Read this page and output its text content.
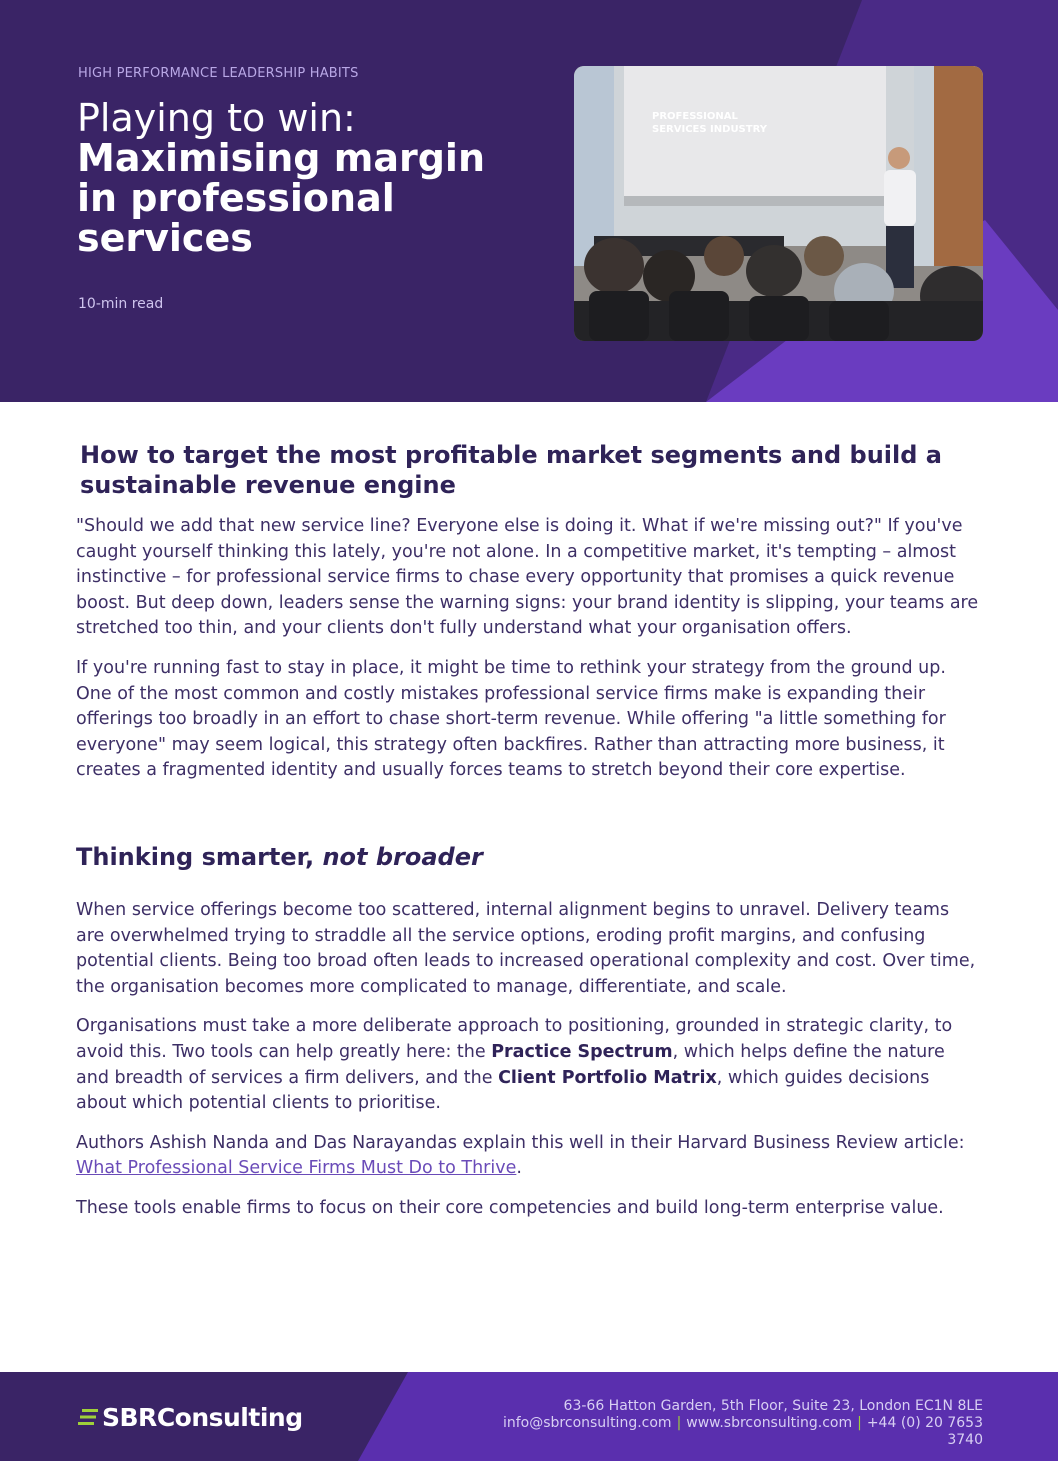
HIGH PERFORMANCE LEADERSHIP HABITS
Playing to win:
Maximising margin in professional services
10-min read
PROFESSIONAL
SERVICES INDUSTRY
How to target the most profitable market segments and build a sustainable revenue engine

"Should we add that new service line? Everyone else is doing it. What if we're missing out?" If you've caught yourself thinking this lately, you're not alone. In a competitive market, it's tempting – almost instinctive – for professional service firms to chase every opportunity that promises a quick revenue boost. But deep down, leaders sense the warning signs: your brand identity is slipping, your teams are stretched too thin, and your clients don't fully understand what your organisation offers.

If you're running fast to stay in place, it might be time to rethink your strategy from the ground up. One of the most common and costly mistakes professional service firms make is expanding their offerings too broadly in an effort to chase short-term revenue. While offering "a little something for everyone" may seem logical, this strategy often backfires. Rather than attracting more business, it creates a fragmented identity and usually forces teams to stretch beyond their core expertise.

Thinking smarter, not broader

When service offerings become too scattered, internal alignment begins to unravel. Delivery teams are overwhelmed trying to straddle all the service options, eroding profit margins, and confusing potential clients. Being too broad often leads to increased operational complexity and cost. Over time, the organisation becomes more complicated to manage, differentiate, and scale.

Organisations must take a more deliberate approach to positioning, grounded in strategic clarity, to avoid this. Two tools can help greatly here: the Practice Spectrum, which helps define the nature and breadth of services a firm delivers, and the Client Portfolio Matrix, which guides decisions about which potential clients to prioritise.

Authors Ashish Nanda and Das Narayandas explain this well in their Harvard Business Review article: What Professional Service Firms Must Do to Thrive.

These tools enable firms to focus on their core competencies and build long-term enterprise value.

SBRConsulting	63-66 Hatton Garden, 5th Floor, Suite 23, London EC1N 8LE
info@sbrconsulting.com | www.sbrconsulting.com | +44 (0) 20 7653 3740
